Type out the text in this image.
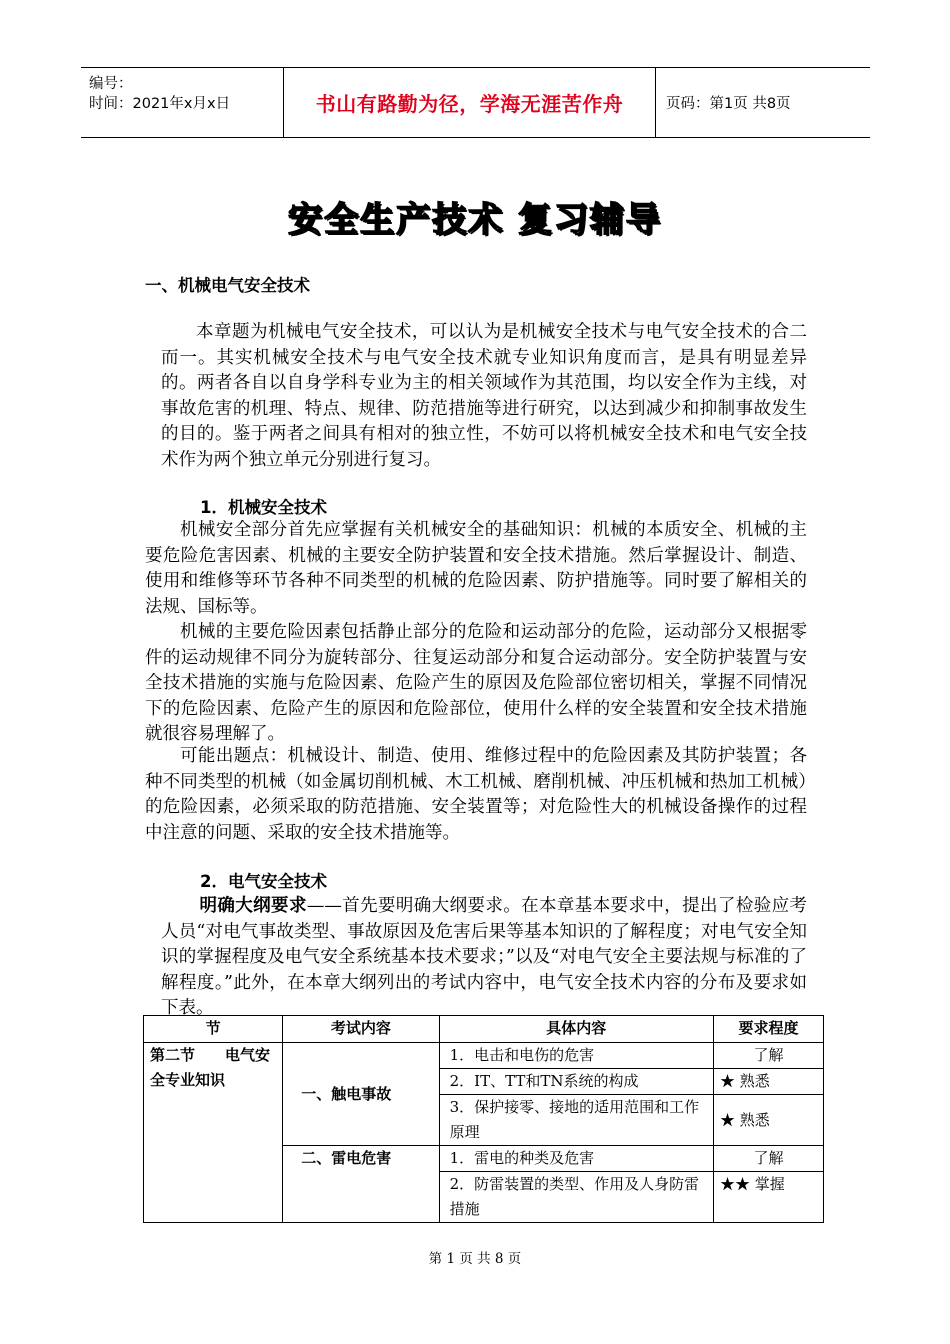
编号：
时间：2021年x月x日	书山有路勤为径，学海无涯苦作舟	页码：第1页 共8页
安全生产技术 复习辅导
一、机械电气安全技术

本章题为机械电气安全技术，可以认为是机械安全技术与电气安全技术的合二而一。其实机械安全技术与电气安全技术就专业知识角度而言，是具有明显差异的。两者各自以自身学科专业为主的相关领域作为其范围，均以安全作为主线，对事故危害的机理、特点、规律、防范措施等进行研究，以达到减少和抑制事故发生的目的。鉴于两者之间具有相对的独立性，不妨可以将机械安全技术和电气安全技术作为两个独立单元分别进行复习。

1．机械安全技术

机械安全部分首先应掌握有关机械安全的基础知识：机械的本质安全、机械的主要危险危害因素、机械的主要安全防护装置和安全技术措施。然后掌握设计、制造、使用和维修等环节各种不同类型的机械的危险因素、防护措施等。同时要了解相关的法规、国标等。

机械的主要危险因素包括静止部分的危险和运动部分的危险，运动部分又根据零件的运动规律不同分为旋转部分、往复运动部分和复合运动部分。安全防护装置与安全技术措施的实施与危险因素、危险产生的原因及危险部位密切相关，掌握不同情况下的危险因素、危险产生的原因和危险部位，使用什么样的安全装置和安全技术措施就很容易理解了。

可能出题点：机械设计、制造、使用、维修过程中的危险因素及其防护装置；各种不同类型的机械（如金属切削机械、木工机械、磨削机械、冲压机械和热加工机械）的危险因素，必须采取的防范措施、安全装置等；对危险性大的机械设备操作的过程中注意的问题、采取的安全技术措施等。

2．电气安全技术

明确大纲要求——首先要明确大纲要求。在本章基本要求中，提出了检验应考人员“对电气事故类型、事故原因及危害后果等基本知识的了解程度；对电气安全知识的掌握程度及电气安全系统基本技术要求；”以及“对电气安全主要法规与标准的了解程度。”此外，在本章大纲列出的考试内容中，电气安全技术内容的分布及要求如下表。

节	考试内容	具体内容	要求程度
第二节　　电气安全专业知识	一、触电事故	1．电击和电伤的危害	了解
		2．IT、TT和TN系统的构成	★ 熟悉
		3．保护接零、接地的适用范围和工作原理	★ 熟悉
	二、雷电危害	1．雷电的种类及危害	了解
		2．防雷装置的类型、作用及人身防雷措施	★★ 掌握
第 1 页 共 8 页
